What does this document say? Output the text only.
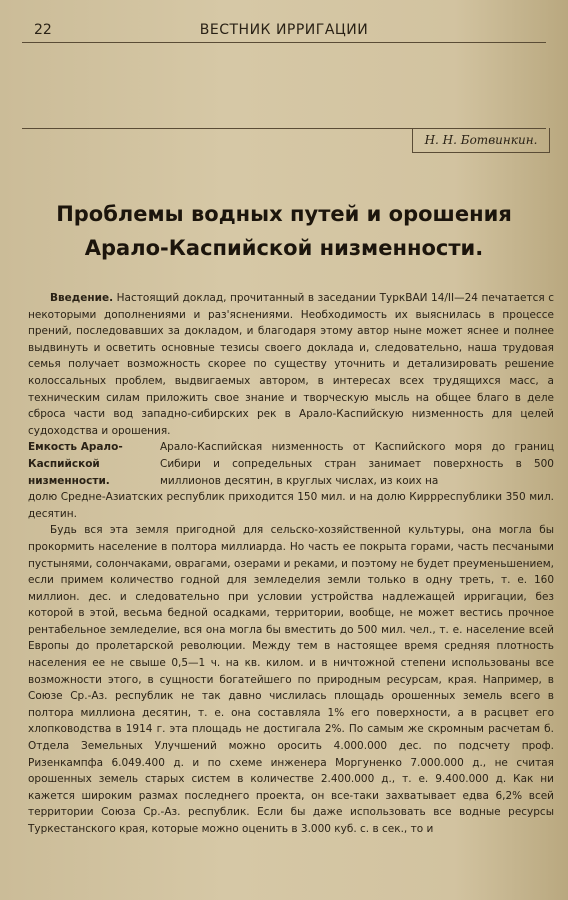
22	ВЕСТНИК ИРРИГАЦИИ
Н. Н. Ботвинкин.
Проблемы водных путей и орошения
Арало-Каспийской низменности.

Введение. Настоящий доклад, прочитанный в заседании ТуркВАИ 14/II—24 печатается с некоторыми дополнениями и раз'яснениями. Необходимость их выяснилась в процессе прений, последовавших за докладом, и благодаря этому автор ныне может яснее и полнее выдвинуть и осветить основные тезисы своего доклада и, следовательно, наша трудовая семья получает возможность скорее по существу уточнить и детализировать решение колоссальных проблем, выдвигаемых автором, в интересах всех трудящихся масс, а техническим силам приложить свое знание и творческую мысль на общее благо в деле сброса части вод западно-сибирских рек в Арало-Каспийскую низменность для целей судоходства и орошения.

Емкость Арало-Каспийской низменности.
Арало-Каспийская низменность от Каспийского моря до границ Сибири и сопредельных стран занимает поверхность в 500 миллионов десятин, в круглых числах, из коих на

долю Средне-Азиатских республик приходится 150 мил. и на долю Киррреспублики 350 мил. десятин.

Будь вся эта земля пригодной для сельско-хозяйственной культуры, она могла бы прокормить население в полтора миллиарда. Но часть ее покрыта горами, часть песчаными пустынями, солончаками, оврагами, озерами и реками, и поэтому не будет преуменьшением, если примем количество годной для земледелия земли только в одну треть, т. е. 160 миллион. дес. и следовательно при условии устройства надлежащей ирригации, без которой в этой, весьма бедной осадками, территории, вообще, не может вестись прочное рентабельное земледелие, вся она могла бы вместить до 500 мил. чел., т. е. население всей Европы до пролетарской революции. Между тем в настоящее время средняя плотность населения ее не свыше 0,5—1 ч. на кв. килом. и в ничтожной степени использованы все возможности этого, в сущности богатейшего по природным ресурсам, края. Например, в Союзе Ср.-Аз. республик не так давно числилась площадь орошенных земель всего в полтора миллиона десятин, т. е. она составляла 1% его поверхности, а в расцвет его хлопководства в 1914 г. эта площадь не достигала 2%. По самым же скромным расчетам б. Отдела Земельных Улучшений можно оросить 4.000.000 дес. по подсчету проф. Ризенкампфа 6.049.400 д. и по схеме инженера Моргуненко 7.000.000 д., не считая орошенных земель старых систем в количестве 2.400.000 д., т. е. 9.400.000 д. Как ни кажется широким размах последнего проекта, он все-таки захватывает едва 6,2% всей территории Союза Ср.-Аз. республик. Если бы даже использовать все водные ресурсы Туркестанского края, которые можно оценить в 3.000 куб. с. в сек., то и
